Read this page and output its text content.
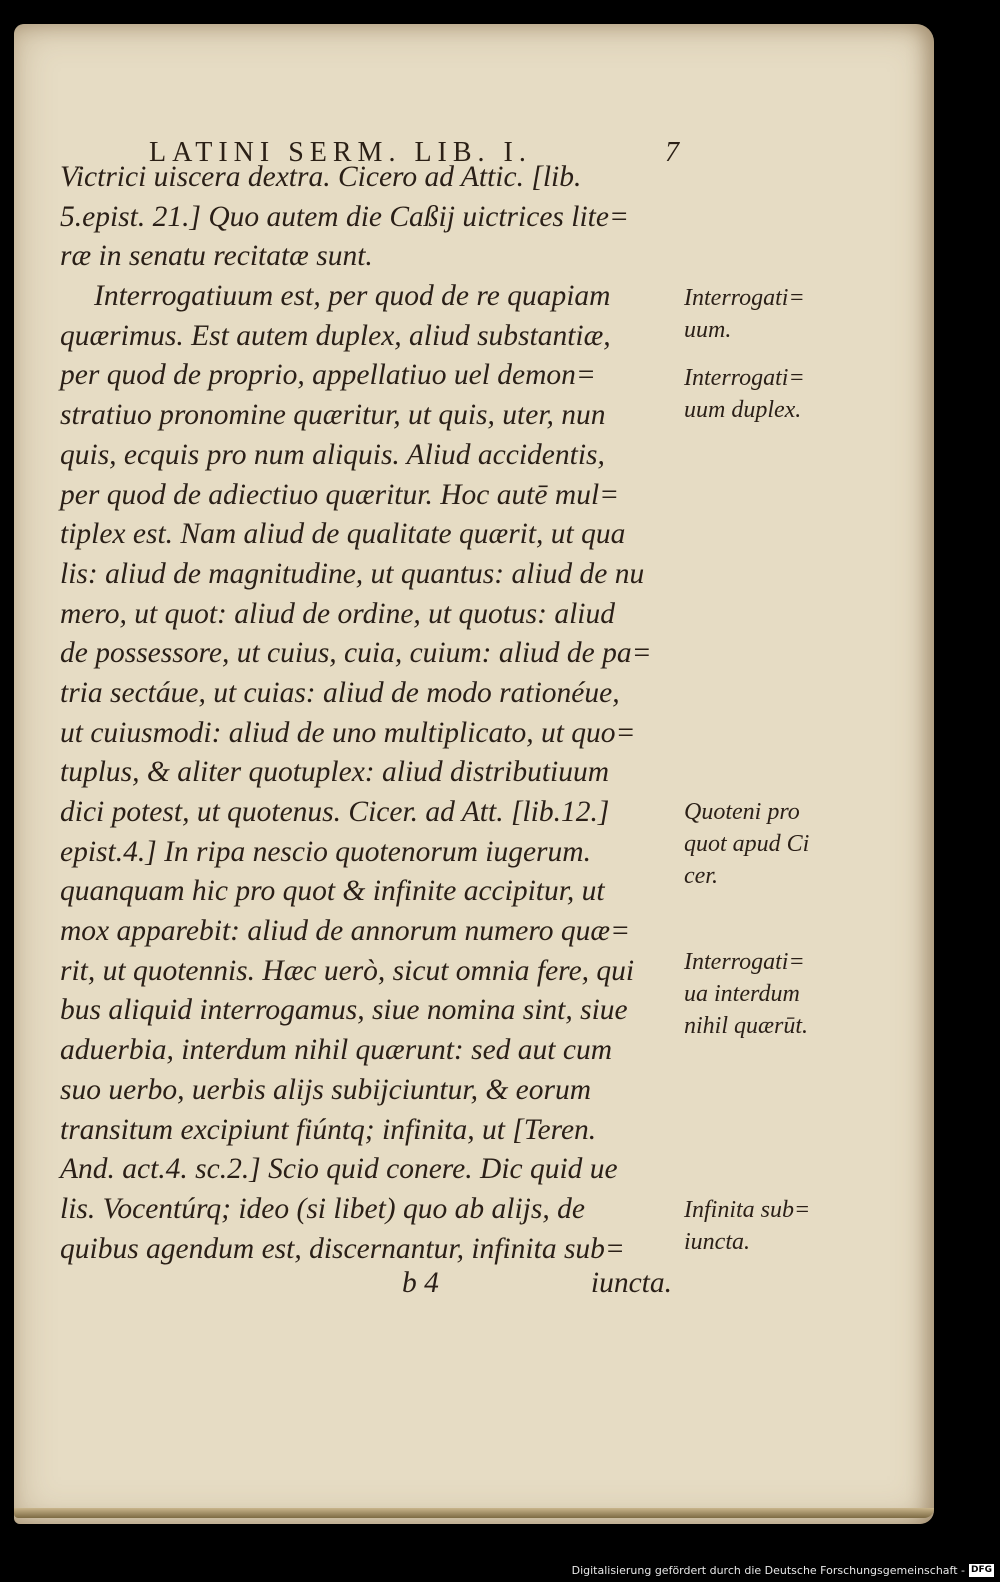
LATINI SERM. LIB. I.	7
Victrici uiscera dextra. Cicero ad Attic. [lib.
5.epist. 21.] Quo autem die Caßij uictrices lite=
ræ in senatu recitatæ sunt.
Interrogatiuum est, per quod de re quapiam
quærimus. Est autem duplex, aliud substantiæ,
per quod de proprio, appellatiuo uel demon=
stratiuo pronomine quæritur, ut quis, uter, nun
quis, ecquis pro num aliquis. Aliud accidentis,
per quod de adiectiuo quæritur. Hoc autē mul=
tiplex est. Nam aliud de qualitate quærit, ut qua
lis: aliud de magnitudine, ut quantus: aliud de nu
mero, ut quot: aliud de ordine, ut quotus: aliud
de possessore, ut cuius, cuia, cuium: aliud de pa=
tria sectáue, ut cuias: aliud de modo rationéue,
ut cuiusmodi: aliud de uno multiplicato, ut quo=
tuplus, & aliter quotuplex: aliud distributiuum
dici potest, ut quotenus. Cicer. ad Att. [lib.12.]
epist.4.] In ripa nescio quotenorum iugerum.
quanquam hic pro quot & infinite accipitur, ut
mox apparebit: aliud de annorum numero quæ=
rit, ut quotennis. Hæc uerò, sicut omnia fere, qui
bus aliquid interrogamus, siue nomina sint, siue
aduerbia, interdum nihil quærunt: sed aut cum
suo uerbo, uerbis alijs subijciuntur, & eorum
transitum excipiunt fiúntq; infinita, ut [Teren.
And. act.4. sc.2.] Scio quid conere. Dic quid ue
lis. Vocentúrq; ideo (si libet) quo ab alijs, de
quibus agendum est, discernantur, infinita sub=
Interrogati=
uum.
Interrogati=
uum duplex.
Quoteni pro
quot apud Ci
cer.
Interrogati=
ua interdum
nihil quærūt.
Infinita sub=
iuncta.
b 4	iuncta.
Digitalisierung gefördert durch die Deutsche Forschungsgemeinschaft - DFG
